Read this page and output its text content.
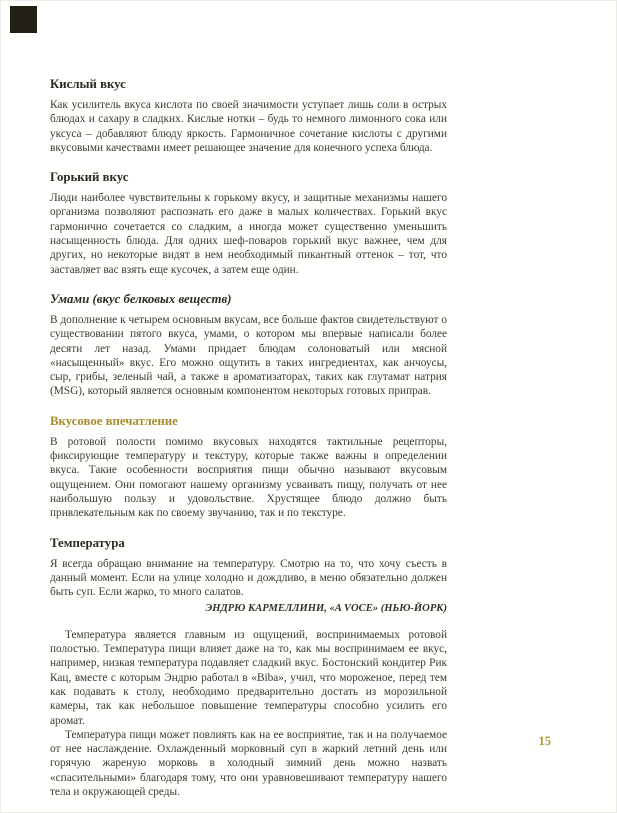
Кислый вкус

Как усилитель вкуса кислота по своей значимости уступает лишь соли в острых блюдах и сахару в сладких. Кислые нотки – будь то немного лимонного сока или уксуса – добавляют блюду яркость. Гармоничное сочетание кислоты с другими вкусовыми качествами имеет решающее значение для конечного успеха блюда.

Горький вкус

Люди наиболее чувствительны к горькому вкусу, и защитные механизмы нашего организма позволяют распознать его даже в малых количествах. Горький вкус гармонично сочетается со сладким, а иногда может существенно уменьшить насыщенность блюда. Для одних шеф-поваров горький вкус важнее, чем для других, но некоторые видят в нем необходимый пикантный оттенок – тот, что заставляет вас взять еще кусочек, а затем еще один.

Умами (вкус белковых веществ)

В дополнение к четырем основным вкусам, все больше фактов свидетельствуют о существовании пятого вкуса, умами, о котором мы впервые написали более десяти лет назад. Умами придает блюдам солоноватый или мясной «насыщенный» вкус. Его можно ощутить в таких ингредиентах, как анчоусы, сыр, грибы, зеленый чай, а также в ароматизаторах, таких как глутамат натрия (MSG), который является основным компонентом некоторых готовых приправ.

Вкусовое впечатление

В ротовой полости помимо вкусовых находятся тактильные рецепторы, фиксирующие температуру и текстуру, которые также важны в определении вкуса. Такие особенности восприятия пищи обычно называют вкусовым ощущением. Они помогают нашему организму усваивать пищу, получать от нее наибольшую пользу и удовольствие. Хрустящее блюдо должно быть привлекательным как по своему звучанию, так и по текстуре.

Температура

Я всегда обращаю внимание на температуру. Смотрю на то, что хочу съесть в данный момент. Если на улице холодно и дождливо, в меню обязательно должен быть суп. Если жарко, то много салатов.

ЭНДРЮ КАРМЕЛЛИНИ, «A VOCE» (НЬЮ-ЙОРК)

Температура является главным из ощущений, воспринимаемых ротовой полостью. Температура пищи влияет даже на то, как мы воспринимаем ее вкус, например, низкая температура подавляет сладкий вкус. Бостонский кондитер Рик Кац, вместе с которым Эндрю работал в «Biba», учил, что мороженое, перед тем как подавать к столу, необходимо предварительно достать из морозильной камеры, так как небольшое повышение температуры способно усилить его аромат.

Температура пищи может повлиять как на ее восприятие, так и на получаемое от нее наслаждение. Охлажденный морковный суп в жаркий летний день или горячую жареную морковь в холодный зимний день можно назвать «спасительными» благодаря тому, что они уравновешивают температуру нашего тела и окружающей среды.

15
